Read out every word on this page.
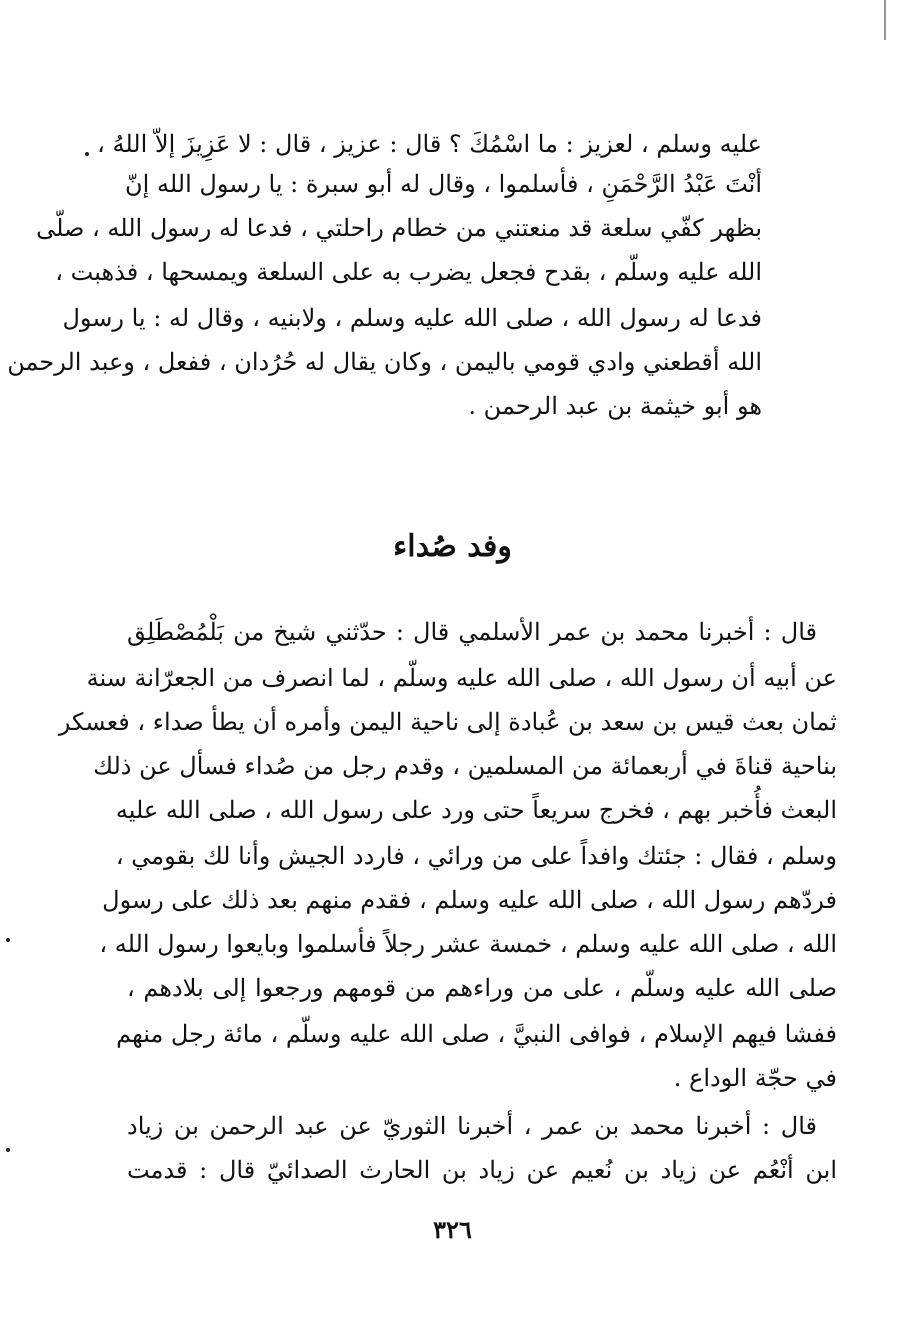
عليه وسلم ، لعزيز : ما اسْمُكَ ؟ قال : عزيز ، قال : لا عَزِيزَ إلاّ اللهُ ،
أنْتَ عَبْدُ الرَّحْمَنِ ، فأسلموا ، وقال له أبو سبرة : يا رسول الله إنّ
بظهر كفّي سلعة قد منعتني من خطام راحلتي ، فدعا له رسول الله ، صلّى
الله عليه وسلّم ، بقدح فجعل يضرب به على السلعة ويمسحها ، فذهبت ،
فدعا له رسول الله ، صلى الله عليه وسلم ، ولابنيه ، وقال له : يا رسول
الله أقطعني وادي قومي باليمن ، وكان يقال له حُرُدان ، ففعل ، وعبد الرحمن
هو أبو خيثمة بن عبد الرحمن .
وفد صُداء
قال : أخبرنا محمد بن عمر الأسلمي قال : حدّثني شيخ من بَلْمُصْطَلِق
عن أبيه أن رسول الله ، صلى الله عليه وسلّم ، لما انصرف من الجعرّانة سنة
ثمان بعث قيس بن سعد بن عُبادة إلى ناحية اليمن وأمره أن يطأ صداء ، فعسكر
بناحية قناةَ في أربعمائة من المسلمين ، وقدم رجل من صُداء فسأل عن ذلك
البعث فأُخبر بهم ، فخرج سريعاً حتى ورد على رسول الله ، صلى الله عليه
وسلم ، فقال : جئتك وافداً على من ورائي ، فاردد الجيش وأنا لك بقومي ،
فردّهم رسول الله ، صلى الله عليه وسلم ، فقدم منهم بعد ذلك على رسول
الله ، صلى الله عليه وسلم ، خمسة عشر رجلاً فأسلموا وبايعوا رسول الله ،
صلى الله عليه وسلّم ، على من وراءهم من قومهم ورجعوا إلى بلادهم ،
ففشا فيهم الإسلام ، فوافى النبيَّ ، صلى الله عليه وسلّم ، مائة رجل منهم
في حجّة الوداع .
قال : أخبرنا محمد بن عمر ، أخبرنا الثوريّ عن عبد الرحمن بن زياد
ابن أنْعُم عن زياد بن نُعيم عن زياد بن الحارث الصدائيّ قال : قدمت
٣٢٦
